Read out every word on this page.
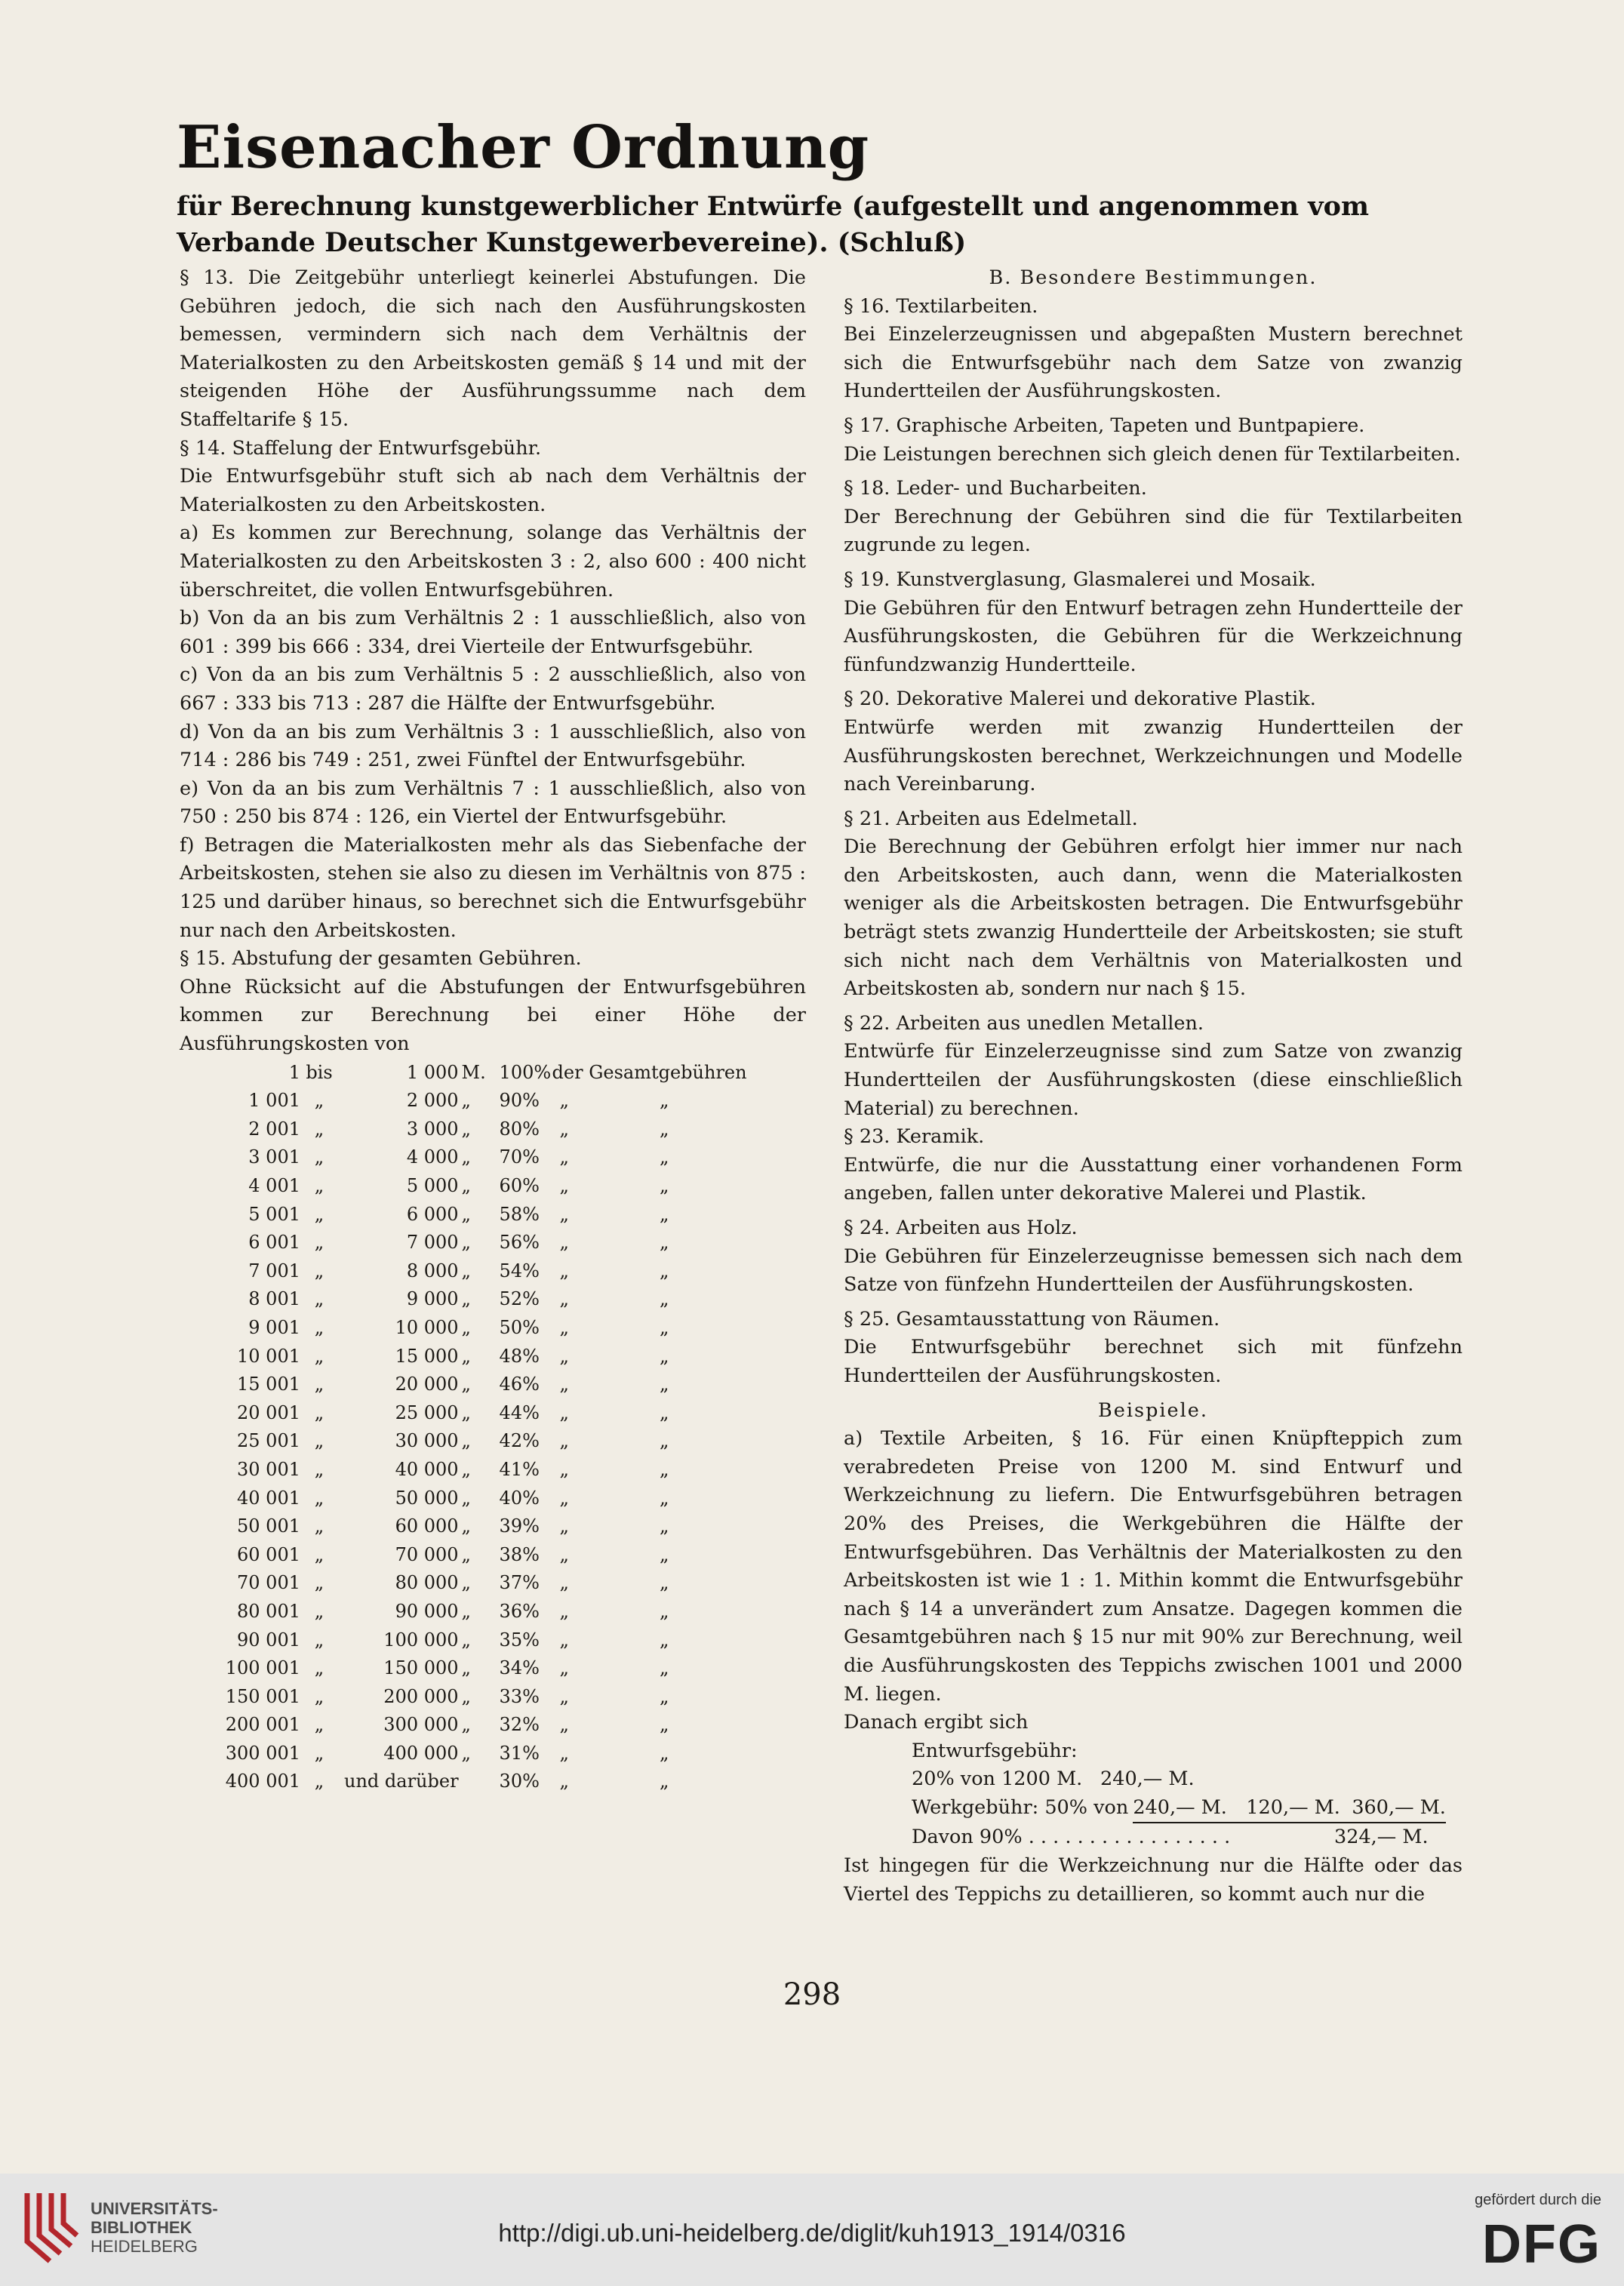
Eisenacher Ordnung

für Berechnung kunstgewerblicher Entwürfe (aufgestellt und angenommen vom Verbande Deutscher Kunstgewerbevereine). (Schluß)

§ 13. Die Zeitgebühr unterliegt keinerlei Abstufungen. Die Gebühren jedoch, die sich nach den Ausführungskosten bemessen, vermindern sich nach dem Verhältnis der Materialkosten zu den Arbeitskosten gemäß § 14 und mit der steigenden Höhe der Ausführungssumme nach dem Staffeltarife § 15.

§ 14. Staffelung der Entwurfsgebühr.

Die Entwurfsgebühr stuft sich ab nach dem Verhältnis der Materialkosten zu den Arbeitskosten.

a) Es kommen zur Berechnung, solange das Verhältnis der Materialkosten zu den Arbeitskosten 3 : 2, also 600 : 400 nicht überschreitet, die vollen Entwurfsgebühren.

b) Von da an bis zum Verhältnis 2 : 1 ausschließlich, also von 601 : 399 bis 666 : 334, drei Vierteile der Entwurfsgebühr.

c) Von da an bis zum Verhältnis 5 : 2 ausschließlich, also von 667 : 333 bis 713 : 287 die Hälfte der Entwurfsgebühr.

d) Von da an bis zum Verhältnis 3 : 1 ausschließlich, also von 714 : 286 bis 749 : 251, zwei Fünftel der Entwurfsgebühr.

e) Von da an bis zum Verhältnis 7 : 1 ausschließlich, also von 750 : 250 bis 874 : 126, ein Viertel der Entwurfsgebühr.

f) Betragen die Materialkosten mehr als das Siebenfache der Arbeitskosten, stehen sie also zu diesen im Verhältnis von 875 : 125 und darüber hinaus, so berechnet sich die Entwurfsgebühr nur nach den Arbeitskosten.

§ 15. Abstufung der gesamten Gebühren.

Ohne Rücksicht auf die Abstufungen der Entwurfsgebühren kommen zur Berechnung bei einer Höhe der Ausführungskosten von

1	bis	1 000	M.	100%	der Gesamtgebühren
1 001	„	2 000	„	90%	„     „
2 001	„	3 000	„	80%	„     „
3 001	„	4 000	„	70%	„     „
4 001	„	5 000	„	60%	„     „
5 001	„	6 000	„	58%	„     „
6 001	„	7 000	„	56%	„     „
7 001	„	8 000	„	54%	„     „
8 001	„	9 000	„	52%	„     „
9 001	„	10 000	„	50%	„     „
10 001	„	15 000	„	48%	„     „
15 001	„	20 000	„	46%	„     „
20 001	„	25 000	„	44%	„     „
25 001	„	30 000	„	42%	„     „
30 001	„	40 000	„	41%	„     „
40 001	„	50 000	„	40%	„     „
50 001	„	60 000	„	39%	„     „
60 001	„	70 000	„	38%	„     „
70 001	„	80 000	„	37%	„     „
80 001	„	90 000	„	36%	„     „
90 001	„	100 000	„	35%	„     „
100 001	„	150 000	„	34%	„     „
150 001	„	200 000	„	33%	„     „
200 001	„	300 000	„	32%	„     „
300 001	„	400 000	„	31%	„     „
400 001	„	und darüber		30%	„     „

B. Besondere Bestimmungen.

§ 16. Textilarbeiten.

Bei Einzelerzeugnissen und abgepaßten Mustern berechnet sich die Entwurfsgebühr nach dem Satze von zwanzig Hundertteilen der Ausführungskosten.

§ 17. Graphische Arbeiten, Tapeten und Buntpapiere.

Die Leistungen berechnen sich gleich denen für Textilarbeiten.

§ 18. Leder- und Bucharbeiten.

Der Berechnung der Gebühren sind die für Textilarbeiten zugrunde zu legen.

§ 19. Kunstverglasung, Glasmalerei und Mosaik.

Die Gebühren für den Entwurf betragen zehn Hundertteile der Ausführungskosten, die Gebühren für die Werkzeichnung fünfundzwanzig Hundertteile.

§ 20. Dekorative Malerei und dekorative Plastik.

Entwürfe werden mit zwanzig Hundertteilen der Ausführungskosten berechnet, Werkzeichnungen und Modelle nach Vereinbarung.

§ 21. Arbeiten aus Edelmetall.

Die Berechnung der Gebühren erfolgt hier immer nur nach den Arbeitskosten, auch dann, wenn die Materialkosten weniger als die Arbeitskosten betragen. Die Entwurfsgebühr beträgt stets zwanzig Hundertteile der Arbeitskosten; sie stuft sich nicht nach dem Verhältnis von Materialkosten und Arbeitskosten ab, sondern nur nach § 15.

§ 22. Arbeiten aus unedlen Metallen.

Entwürfe für Einzelerzeugnisse sind zum Satze von zwanzig Hundertteilen der Ausführungskosten (diese einschließlich Material) zu berechnen.

§ 23. Keramik.

Entwürfe, die nur die Ausstattung einer vorhandenen Form angeben, fallen unter dekorative Malerei und Plastik.

§ 24. Arbeiten aus Holz.

Die Gebühren für Einzelerzeugnisse bemessen sich nach dem Satze von fünfzehn Hundertteilen der Ausführungskosten.

§ 25. Gesamtausstattung von Räumen.

Die Entwurfsgebühr berechnet sich mit fünfzehn Hundertteilen der Ausführungskosten.

Beispiele.

a) Textile Arbeiten, § 16. Für einen Knüpfteppich zum verabredeten Preise von 1200 M. sind Entwurf und Werkzeichnung zu liefern. Die Entwurfsgebühren betragen 20% des Preises, die Werkgebühren die Hälfte der Entwurfsgebühren. Das Verhältnis der Materialkosten zu den Arbeitskosten ist wie 1 : 1. Mithin kommt die Entwurfsgebühr nach § 14 a unverändert zum Ansatze. Dagegen kommen die Gesamtgebühren nach § 15 nur mit 90% zur Berechnung, weil die Ausführungskosten des Teppichs zwischen 1001 und 2000 M. liegen.

Danach ergibt sich

Entwurfsgebühr:
20% von 1200 M. 240,— M.
Werkgebühr: 50% von 240,— M. 120,— M. 360,— M.
Davon 90% . . . . . . . . . . . . . . . . .	324,— M.

Ist hingegen für die Werkzeichnung nur die Hälfte oder das Viertel des Teppichs zu detaillieren, so kommt auch nur die

298
UNIVERSITÄTS-
BIBLIOTHEK
HEIDELBERG	http://digi.ub.uni-heidelberg.de/diglit/kuh1913_1914/0316
gefördert durch die
DFG
